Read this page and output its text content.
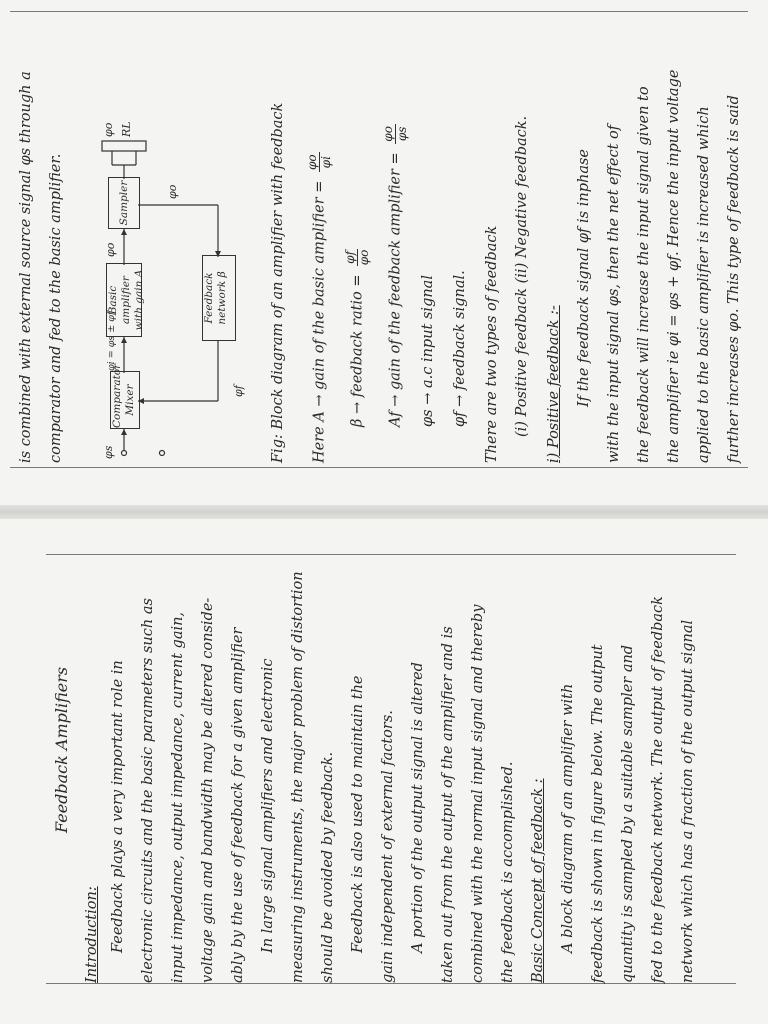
Feedback Amplifiers
Introduction: Feedback plays a very important role in electronic circuits and the basic parameters such as input impedance, output impedance, current gain, voltage gain and bandwidth may be altered conside- ably by the use of feedback for a given amplifier In large signal amplifiers and electronic measuring instruments, the major problem of distortion should be avoided by feedback. Feedback is also used to maintain the gain independent of external factors. A portion of the output signal is altered taken out from the output of the amplifier and is combined with the normal input signal and thereby the feedback is accomplished. Basic Concept of feedback : A block diagram of an amplifier with feedback is shown in figure below. The output quantity is sampled by a suitable sampler and fed to the feedback network. The output of feedback network which has a fraction of the output signal
is combined with external source signal φs through a comparator and fed to the basic amplifier.	φs
Comparator Mixer
φi = φs ± φf
Basic amplifier with gain A
φo
Sampler
φo RL
φo
Feedback network β
φf Fig: Block diagram of an amplifier with feedback	Here A → gain of the basic amplifier =
φo φi
β → feedback ratio =
φf φo
Af → gain of the feedback amplifier =
φo φs
φs → a.c input signal
φf → feedback signal. There are two types of feedback (i) Positive feedback (ii) Negative feedback. i) Positive feedback :- If the feedback signal φf is inphase with the input signal φs, then the net effect of the feedback will increase the input signal given to the amplifier ie φi = φs + φf. Hence the input voltage applied to the basic amplifier is increased which further increases φo. This type of feedback is said
